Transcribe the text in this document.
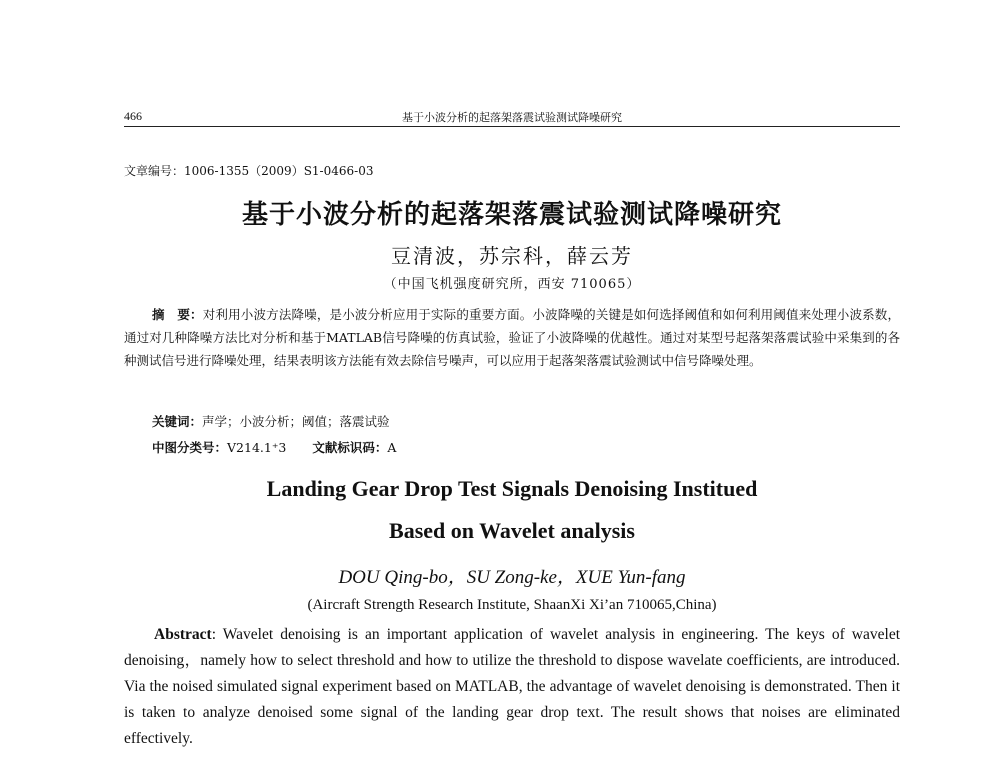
466	基于小波分析的起落架落震试验测试降噪研究
文章编号：1006-1355（2009）S1-0466-03
基于小波分析的起落架落震试验测试降噪研究
豆清波，苏宗科，薛云芳
（中国飞机强度研究所，西安 710065）
摘　要：对利用小波方法降噪，是小波分析应用于实际的重要方面。小波降噪的关键是如何选择阈值和如何利用阈值来处理小波系数，通过对几种降噪方法比对分析和基于MATLAB信号降噪的仿真试验，验证了小波降噪的优越性。通过对某型号起落架落震试验中采集到的各种测试信号进行降噪处理，结果表明该方法能有效去除信号噪声，可以应用于起落架落震试验测试中信号降噪处理。
关键词：声学；小波分析；阈值；落震试验
中图分类号：V214.1⁺3 文献标识码：A
Landing Gear Drop Test Signals Denoising Institued
Based on Wavelet analysis
DOU Qing-bo，SU Zong-ke，XUE Yun-fang
(Aircraft Strength Research Institute, ShaanXi Xi’an 710065,China)
Abstract: Wavelet denoising is an important application of wavelet analysis in engineering. The keys of wavelet denoising，namely how to select threshold and how to utilize the threshold to dispose wavelate coefficients, are introduced. Via the noised simulated signal experiment based on MATLAB, the advantage of wavelet denoising is demonstrated. Then it is taken to analyze denoised some signal of the landing gear drop text. The result shows that noises are eliminated effectively.
